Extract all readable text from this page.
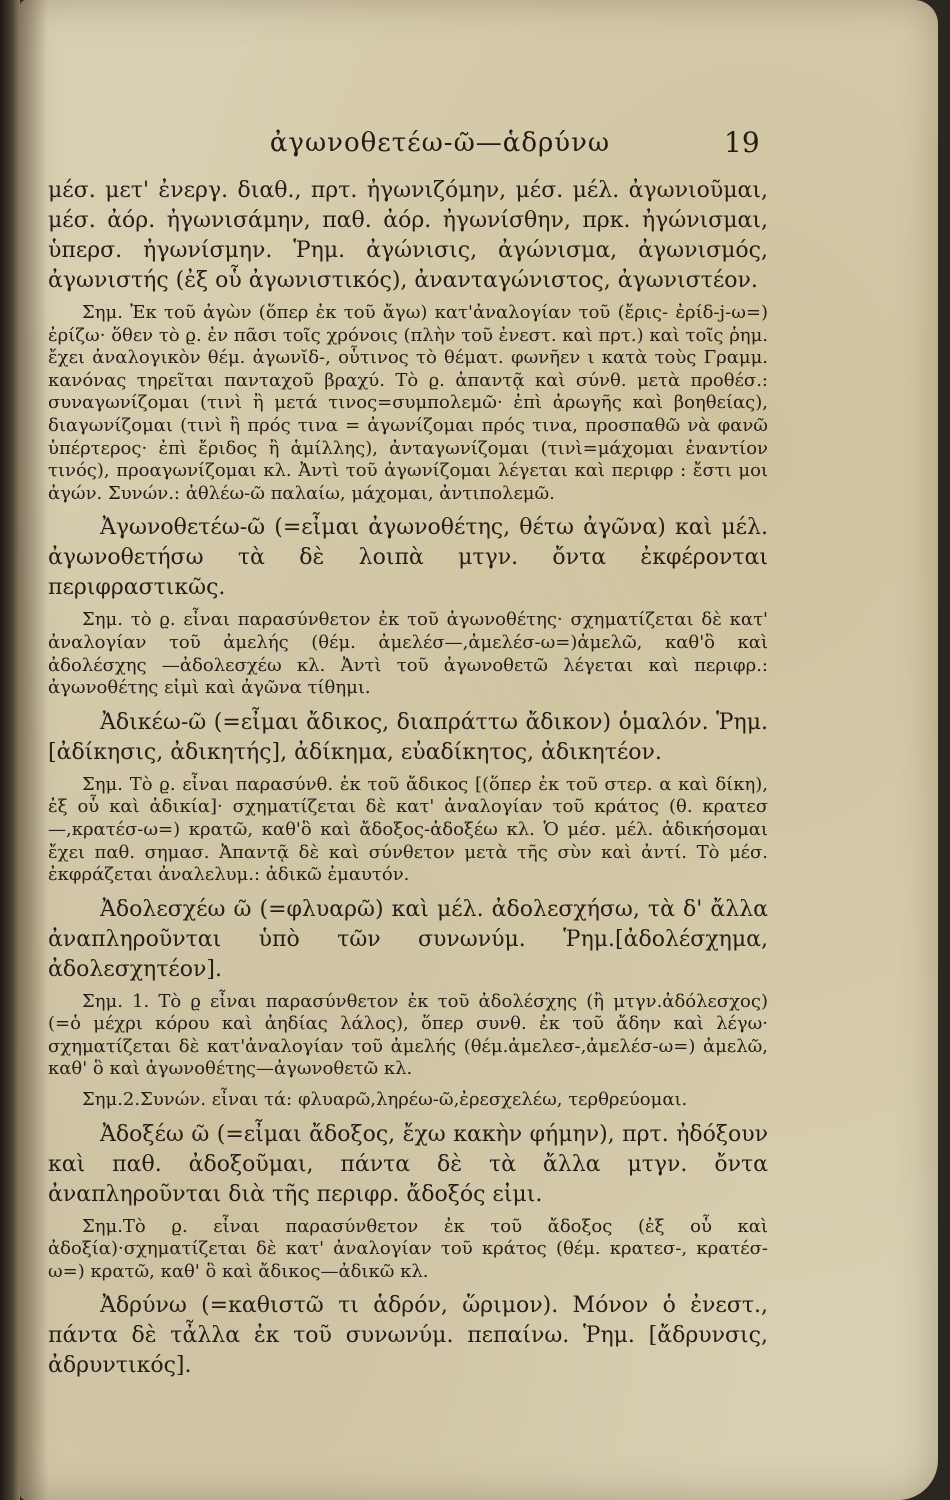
ἀγωνοθετέω-ῶ—ἁδρύνω	19

μέσ. μετ' ἐνεργ. διαθ., πρτ. ἠγωνιζόμην, μέσ. μέλ. ἀγωνιοῦμαι, μέσ. ἀόρ. ἠγωνισάμην, παθ. ἀόρ. ἠγωνίσθην, πρκ. ἠγώνισμαι, ὑπερσ. ἠγωνίσμην. Ῥημ. ἀγώνισις, ἀγώνισμα, ἀγωνισμός, ἀγωνιστής (ἐξ οὗ ἀγωνιστικός), ἀνανταγώνιστος, ἀγωνιστέον.

Σημ. Ἐκ τοῦ ἀγὼν (ὅπερ ἐκ τοῦ ἄγω) κατ'ἀναλογίαν τοῦ (ἔρις- ἐρίδ-j-ω=) ἐρίζω· ὅθεν τὸ ϱ. ἐν πᾶσι τοῖς χρόνοις (πλὴν τοῦ ἐνεστ. καὶ πρτ.) καὶ τοῖς ῥημ. ἔχει ἀναλογικὸν θέμ. ἀγωνῐδ-, οὗτινος τὸ θέματ. φωνῆεν ι κατὰ τοὺς Γραμμ. κανόνας τηρεῖται πανταχοῦ βραχύ. Τὸ ϱ. ἀπαντᾷ καὶ σύνθ. μετὰ προθέσ.: συναγωνίζομαι (τινὶ ἢ μετά τινος=συμπολεμῶ· ἐπὶ ἀρωγῆς καὶ βοηθείας), διαγωνίζομαι (τινὶ ἢ πρός τινα = ἀγωνίζομαι πρός τινα, προσπαθῶ νὰ φανῶ ὑπέρτερος· ἐπὶ ἔριδος ἢ ἁμίλλης), ἀνταγωνίζομαι (τινὶ=μάχομαι ἐναντίον τινός), προαγωνίζομαι κλ. Ἀντὶ τοῦ ἀγωνίζομαι λέγεται καὶ περιφρ : ἔστι μοι ἀγών. Συνών.: ἀθλέω-ῶ παλαίω, μάχομαι, ἀντιπολεμῶ.

Ἀγωνοθετέω-ῶ (=εἶμαι ἀγωνοθέτης, θέτω ἀγῶνα) καὶ μέλ. ἀγωνοθετήσω τὰ δὲ λοιπὰ μτγν. ὄντα ἐκφέρονται περιφραστικῶς.

Σημ. τὸ ϱ. εἶναι παρασύνθετον ἐκ τοῦ ἀγωνοθέτης· σχηματίζεται δὲ κατ' ἀναλογίαν τοῦ ἀμελής (θέμ. ἀμελέσ—,ἀμελέσ-ω=)ἀμελῶ, καθ'ὃ καὶ ἀδολέσχης —ἀδολεσχέω κλ. Ἀντὶ τοῦ ἀγωνοθετῶ λέγεται καὶ περιφρ.: ἀγωνοθέτης εἰμὶ καὶ ἀγῶνα τίθημι.

Ἀδικέω-ῶ (=εἶμαι ἄδικος, διαπράττω ἄδικον) ὁμαλόν. Ῥημ. [ἀδίκησις, ἀδικητής], ἀδίκημα, εὐαδίκητος, ἀδικητέον.

Σημ. Τὸ ϱ. εἶναι παρασύνθ. ἐκ τοῦ ἄδικος [(ὅπερ ἐκ τοῦ στερ. α καὶ δίκη), ἐξ οὗ καὶ ἀδικία]· σχηματίζεται δὲ κατ' ἀναλογίαν τοῦ κράτος (θ. κρατεσ—,κρατέσ-ω=) κρατῶ, καθ'ὃ καὶ ἄδοξος-ἀδοξέω κλ. Ὁ μέσ. μέλ. ἀδικήσομαι ἔχει παθ. σημασ. Ἀπαντᾷ δὲ καὶ σύνθετον μετὰ τῆς σὺν καὶ ἀντί. Τὸ μέσ. ἐκφράζεται ἀναλελυμ.: ἀδικῶ ἐμαυτόν.

Ἀδολεσχέω ῶ (=φλυαρῶ) καὶ μέλ. ἀδολεσχήσω, τὰ δ' ἄλλα ἀναπληροῦνται ὑπὸ τῶν συνωνύμ. Ῥημ.[ἀδολέσχημα, ἀδολεσχητέον].

Σημ. 1. Τὸ ϱ εἶναι παρασύνθετον ἐκ τοῦ ἀδολέσχης (ἢ μτγν.ἀδόλεσχος) (=ὁ μέχρι κόρου καὶ ἀηδίας λάλος), ὅπερ συνθ. ἐκ τοῦ ἄδην καὶ λέγω· σχηματίζεται δὲ κατ'ἀναλογίαν τοῦ ἀμελής (θέμ.ἀμελεσ-,ἀμελέσ-ω=) ἀμελῶ, καθ' ὃ καὶ ἀγωνοθέτης—ἀγωνοθετῶ κλ.

Σημ.2.Συνών. εἶναι τά: φλυαρῶ,ληρέω-ῶ,ἐρεσχελέω, τερθρεύομαι.

Ἀδοξέω ῶ (=εἶμαι ἄδοξος, ἔχω κακὴν φήμην), πρτ. ἠδόξουν καὶ παθ. ἀδοξοῦμαι, πάντα δὲ τὰ ἄλλα μτγν. ὄντα ἀναπληροῦνται διὰ τῆς περιφρ. ἄδοξός εἰμι.

Σημ.Τὸ ϱ. εἶναι παρασύνθετον ἐκ τοῦ ἄδοξος (ἐξ οὗ καὶ ἀδοξία)·σχηματίζεται δὲ κατ' ἀναλογίαν τοῦ κράτος (θέμ. κρατεσ-, κρατέσ-ω=) κρατῶ, καθ' ὃ καὶ ἄδικος—ἀδικῶ κλ.

Ἀδρύνω (=καθιστῶ τι ἁδρόν, ὥριμον). Μόνον ὁ ἐνεστ., πάντα δὲ τἆλλα ἐκ τοῦ συνωνύμ. πεπαίνω. Ῥημ. [ἄδρυνσις, ἀδρυντικός].
